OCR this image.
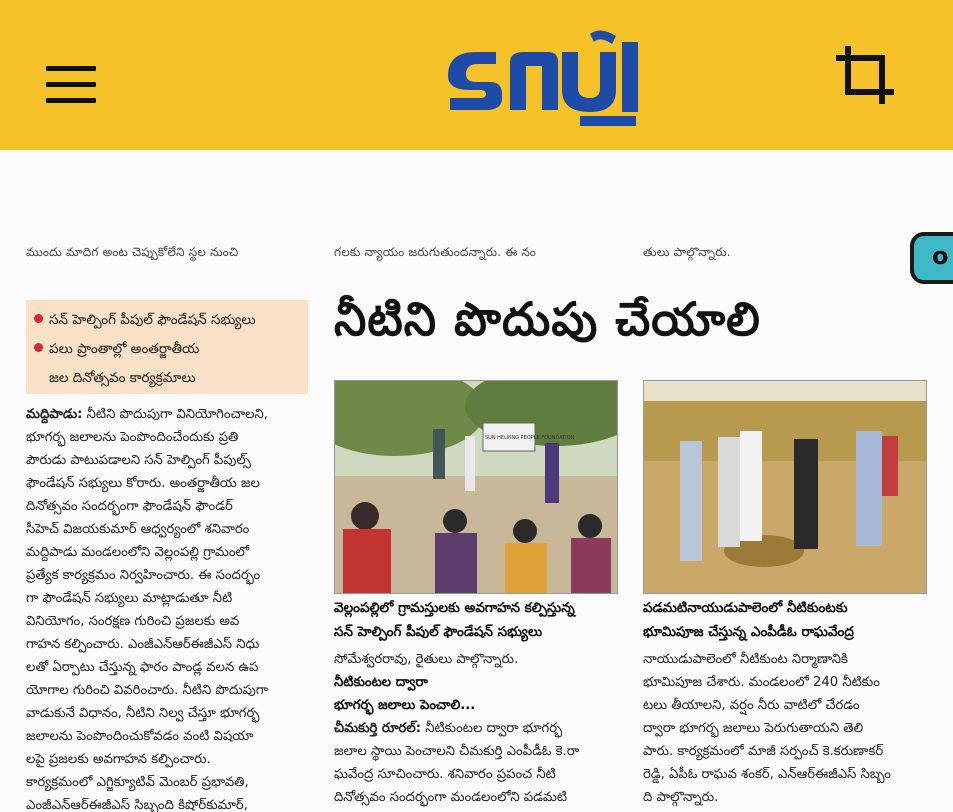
ముందు మాదిగ అంట చెప్పుకోలేని స్థల నుంచి	గలకు న్యాయం జరుగుతుందన్నారు. ఈ నం	తులు పాల్గొన్నారు.	o
సన్ హెల్పింగ్ పీపుల్ ఫౌండేషన్ సభ్యులు
పలు ప్రాంతాల్లో అంతర్జాతీయ
జల దినోత్సవం కార్యక్రమాలు
నీటిని పొదుపు చేయాలి

మద్దిపాడు: నీటిని పొదుపుగా వినియోగించాలని,

భూగర్భ జలాలను పెంపొందించేందుకు ప్రతి

పౌరుడు పాటుపడాలని సన్ హెల్పింగ్ పీపుల్స్

ఫౌండేషన్ సభ్యులు కోరారు. అంతర్జాతీయ జల

దినోత్సవం సందర్భంగా ఫౌండేషన్ ఫౌండర్

సీహెచ్ విజయకుమార్ ఆధ్వర్యంలో శనివారం

మద్దిపాడు మండలంలోని వెల్లంపల్లి గ్రామంలో

ప్రత్యేక కార్యక్రమం నిర్వహించారు. ఈ సందర్భం

గా ఫౌండేషన్ సభ్యులు మాట్లాడుతూ నీటి

వినియోగం, సంరక్షణ గురించి ప్రజలకు అవ

గాహన కల్పించారు. ఎంజీఎన్ఆర్ఈజీఎస్ నిధు

లతో ఏర్పాటు చేస్తున్న ఫారం పాండ్ల వలన ఉప

యోగాల గురించి వివరించారు. నీటిని పొదుపుగా

వాడుకునే విధానం, నీటిని నిల్వ చేస్తూ భూగర్భ

జలాలను పెంపొందించుకోవడం వంటి విషయా

లపై ప్రజలకు అవగాహన కల్పించారు.

కార్యక్రమంలో ఎగ్జిక్యూటివ్ మెంబర్ ప్రభావతి,

ఎంజీఎన్ఆర్ఈజీఎస్ సిబ్బంది కిషోర్‌కుమార్,

SUN HELPING PEOPLE FOUNDATION
వెల్లంపల్లిలో గ్రామస్తులకు అవగాహన కల్పిస్తున్న
సన్ హెల్పింగ్ పీపుల్ ఫౌండేషన్ సభ్యులు
పడమటినాయుడుపాలెంలో నీటికుంటకు
భూమిపూజ చేస్తున్న ఎంపీడీఓ రాఘవేంద్ర

సోమేశ్వరరావు, రైతులు పాల్గొన్నారు.

నీటికుంటల ద్వారా

భూగర్భ జలాలు పెంచాలి...

చీమకుర్తి రూరల్: నీటికుంటల ద్వారా భూగర్భ

జలాల స్థాయి పెంచాలని చీమకుర్తి ఎంపీడీఓ కె.రా

ఘవేంద్ర సూచించారు. శనివారం ప్రపంచ నీటి

దినోత్సవం సందర్భంగా మండలంలోని పడమటి

నాయుడుపాలెంలో నీటికుంట నిర్మాణానికి

భూమిపూజ చేశారు. మండలంలో 240 నీటికుం

టలు తీయాలని, వర్షం నీరు వాటిలో చేరడం

ద్వారా భూగర్భ జలాలు పెరుగుతాయని తెలి

పారు. కార్యక్రమంలో మాజీ సర్పంచ్ కె.కరుణాకర్

రెడ్డి, ఏపీఓ రాఘవ శంకర్, ఎన్ఆర్ఈజీఎస్ సిబ్బం

ది పాల్గొన్నారు.
